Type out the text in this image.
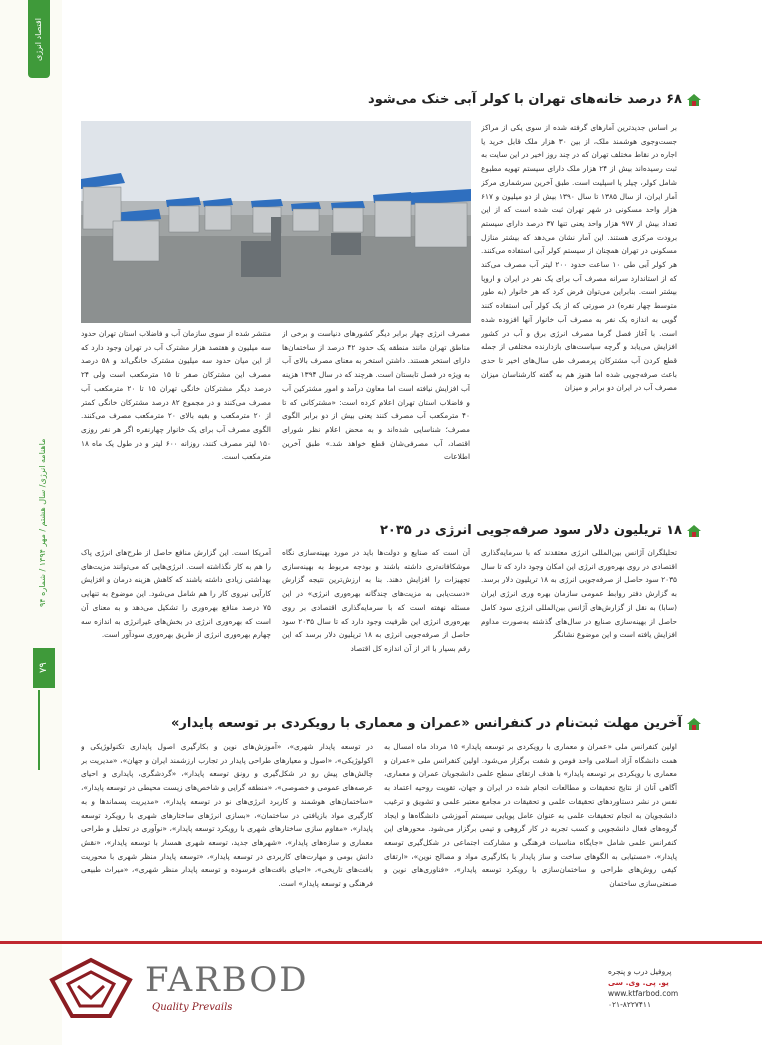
اقتصاد انرژی
ماهنامه انرژی/ سال هشتم / مهر ۱۳۹۴ / شماره ۹۴
۷۹
۶۸ درصد خانه‌های تهران با کولر آبی خنک می‌شود
بر اساس جدیدترین آمارهای گرفته شده از سوی یکی از مراکز جست‌وجوی هوشمند ملک، از بین ۳۰ هزار ملک قابل خرید یا اجاره در نقاط مختلف تهران که در چند روز اخیر در این سایت به ثبت رسیده‌اند بیش از ۲۴ هزار ملک دارای سیستم تهویه مطبوع شامل کولر، چیلر یا اسپلیت است. طبق آخرین سرشماری مرکز آمار ایران، از سال ۱۳۸۵ تا سال ۱۳۹۰ بیش از دو میلیون و ۶۱۷ هزار واحد مسکونی در شهر تهران ثبت شده است که از این تعداد بیش از ۹۷۷ هزار واحد یعنی تنها ۳۷ درصد دارای سیستم برودت مرکزی هستند. این آمار نشان می‌دهد که بیشتر منازل مسکونی در تهران همچنان از سیستم کولر آبی استفاده می‌کنند. هر کولر آبی طی ۱۰ ساعت حدود ۲۰۰ لیتر آب مصرف می‌کند که از استاندارد سرانه مصرف آب برای یک نفر در ایران و اروپا بیشتر است. بنابراین می‌توان فرض کرد که هر خانوار (به طور متوسط چهار نفره) در صورتی که از یک کولر آبی استفاده کنند گویی به اندازه یک نفر به مصرف آب خانوار آنها افزوده شده است. با آغاز فصل گرما مصرف انرژی برق و آب در کشور افزایش می‌یابد و گرچه سیاست‌های بازدارنده مختلفی از جمله قطع کردن آب مشترکان پرمصرف طی سال‌های اخیر تا حدی باعث صرفه‌جویی شده اما هنوز هم به گفته کارشناسان میزان مصرف آب در ایران دو برابر و میزان
مصرف انرژی چهار برابر دیگر کشورهای دنیاست و برخی از مناطق تهران مانند منطقه یک حدود ۴۲ درصد از ساختمان‌ها دارای استخر هستند. داشتن استخر به معنای مصرف بالای آب به ویژه در فصل تابستان است. هرچند که در سال ۱۳۹۴ هزینه آب افزایش نیافته است اما معاون درآمد و امور مشترکین آب و فاضلاب استان تهران اعلام کرده است: «مشترکانی که تا ۴۰ مترمکعب آب مصرف کنند یعنی بیش از دو برابر الگوی مصرف؛ شناسایی شده‌اند و به محض اعلام نظر شورای اقتصاد، آب مصرفی‌شان قطع خواهد شد.» طبق آخرین اطلاعات
منتشر شده از سوی سازمان آب و فاضلاب استان تهران حدود سه میلیون و هفتصد هزار مشترک آب در تهران وجود دارد که از این میان حدود سه میلیون مشترک خانگی‌اند و ۵۸ درصد مصرف این مشترکان صفر تا ۱۵ مترمکعب است ولی ۲۴ درصد دیگر مشترکان خانگی تهران ۱۵ تا ۲۰ مترمکعب آب مصرف می‌کنند و در مجموع ۸۲ درصد مشترکان خانگی کمتر از ۲۰ مترمکعب و بقیه بالای ۲۰ مترمکعب مصرف می‌کنند. الگوی مصرف آب برای یک خانوار چهارنفره اگر هر نفر روزی ۱۵۰ لیتر مصرف کنند، روزانه ۶۰۰ لیتر و در طول یک ماه ۱۸ مترمکعب است.
۱۸ تریلیون دلار سود صرفه‌جویی انرژی در ۲۰۳۵
تحلیلگران آژانس بین‌المللی انرژی معتقدند که با سرمایه‌گذاری اقتصادی در روی بهره‌وری انرژی این امکان وجود دارد که تا سال ۲۰۳۵ سود حاصل از صرفه‌جویی انرژی به ۱۸ تریلیون دلار برسد. به گزارش دفتر روابط عمومی سازمان بهره وری انرژی ایران (سابا) به نقل از گزارش‌های آژانس بین‌المللی انرژی سود کامل حاصل از بهینه‌سازی صنایع در سال‌های گذشته به‌صورت مداوم افزایش یافته است و این موضوع نشانگر
آن است که صنایع و دولت‌ها باید در مورد بهینه‌سازی نگاه موشکافانه‌تری داشته باشند و بودجه مربوط به بهینه‌سازی تجهیزات را افزایش دهند. بنا به ارزش‌ترین نتیجه گزارش «دست‌یابی به مزیت‌های چندگانه بهره‌وری انرژی» در این مسئله نهفته است که با سرمایه‌گذاری اقتصادی بر روی بهره‌وری انرژی این ظرفیت وجود دارد که تا سال ۲۰۳۵ سود حاصل از صرفه‌جویی انرژی به ۱۸ تریلیون دلار برسد که این رقم بسیار با اثر از آن اندازه کل اقتصاد
آمریکا است. این گزارش منافع حاصل از طرح‌های انرژی پاک را هم به کار نگذاشته است. انرژی‌هایی که می‌توانند مزیت‌های بهداشتی زیادی داشته باشند که کاهش هزینه درمان و افزایش کارآیی نیروی کار را هم شامل می‌شود. این موضوع به تنهایی ۷۵ درصد منافع بهره‌وری را تشکیل می‌دهد و به معنای آن است که بهره‌وری انرژی در بخش‌های غیرانرژی به اندازه سه چهارم بهره‌وری انرژی از طریق بهره‌وری سودآور است.
آخرین مهلت ثبت‌نام در کنفرانس «عمران و معماری با رویکردی بر توسعه پایدار»
اولین کنفرانس ملی «عمران و معماری با رویکردی بر توسعه پایدار» ۱۵ مرداد ماه امسال به همت دانشگاه آزاد اسلامی واحد فومن و شفت برگزار می‌شود. اولین کنفرانس ملی «عمران و معماری با رویکردی بر توسعه پایدار» با هدف ارتقای سطح علمی دانشجویان عمران و معماری، آگاهی آنان از نتایج تحقیقات و مطالعات انجام شده در ایران و جهان، تقویت روحیه اعتماد به نفس در نشر دستاوردهای تحقیقات علمی و تحقیقات در مجامع معتبر علمی و تشویق و ترغیب دانشجویان به انجام تحقیقات علمی به عنوان عامل پویایی سیستم آموزشی دانشگاه‌ها و ایجاد گروه‌های فعال دانشجویی و کسب تجربه در کار گروهی و تیمی برگزار می‌شود. محورهای این کنفرانس علمی شامل «جایگاه مناسبات فرهنگی و مشارکت اجتماعی در شکل‌گیری توسعه پایدار»، «مستیابی به الگوهای ساخت و ساز پایدار با بکارگیری مواد و مصالح نوین»، «ارتقای کیفی روش‌های طراحی و ساختمان‌سازی با رویکرد توسعه پایدار»، «فناوری‌های نوین و صنعتی‌سازی ساختمان
در توسعه پایدار شهری»، «آموزش‌های نوین و بکارگیری اصول پایداری تکنولوژیکی و اکولوژیکی»، «اصول و معیارهای طراحی پایدار در تجارب ارزشمند ایران و جهان»، «مدیریت بر چالش‌های پیش رو در شکل‌گیری و رونق توسعه پایدار»، «گردشگری، پایداری و احیای عرصه‌های عمومی و خصوصی»، «منطقه گرایی و شاخص‌های زیست محیطی در توسعه پایدار»، «ساختمان‌های هوشمند و کاربرد انرژی‌های نو در توسعه پایدار»، «مدیریت پسماندها و به کارگیری مواد بازیافتی در ساختمان»، «بسازی انرژهای ساختارهای شهری با رویکرد توسعه پایدار»، «مقاوم سازی ساختارهای شهری با رویکرد توسعه پایدار»، «نوآوری در تحلیل و طراحی معماری و سازه‌های پایدار»، «شهرهای جدید، توسعه شهری همسار با توسعه پایدار»، «نقش دانش بومی و مهارت‌های کاربردی در توسعه پایدار»، «توسعه پایدار منظر شهری با محوریت بافت‌های تاریخی»، «احیای بافت‌های فرسوده و توسعه پایدار منظر شهری»، «میراث طبیعی فرهنگی و توسعه پایدار» است.
FARBOD
Quality Prevails
پروفیل درب و پنجره
یو. پی. وی. سی
www.ktfarbod.com
۰۲۱-۸۲۲۷۴۱۱
